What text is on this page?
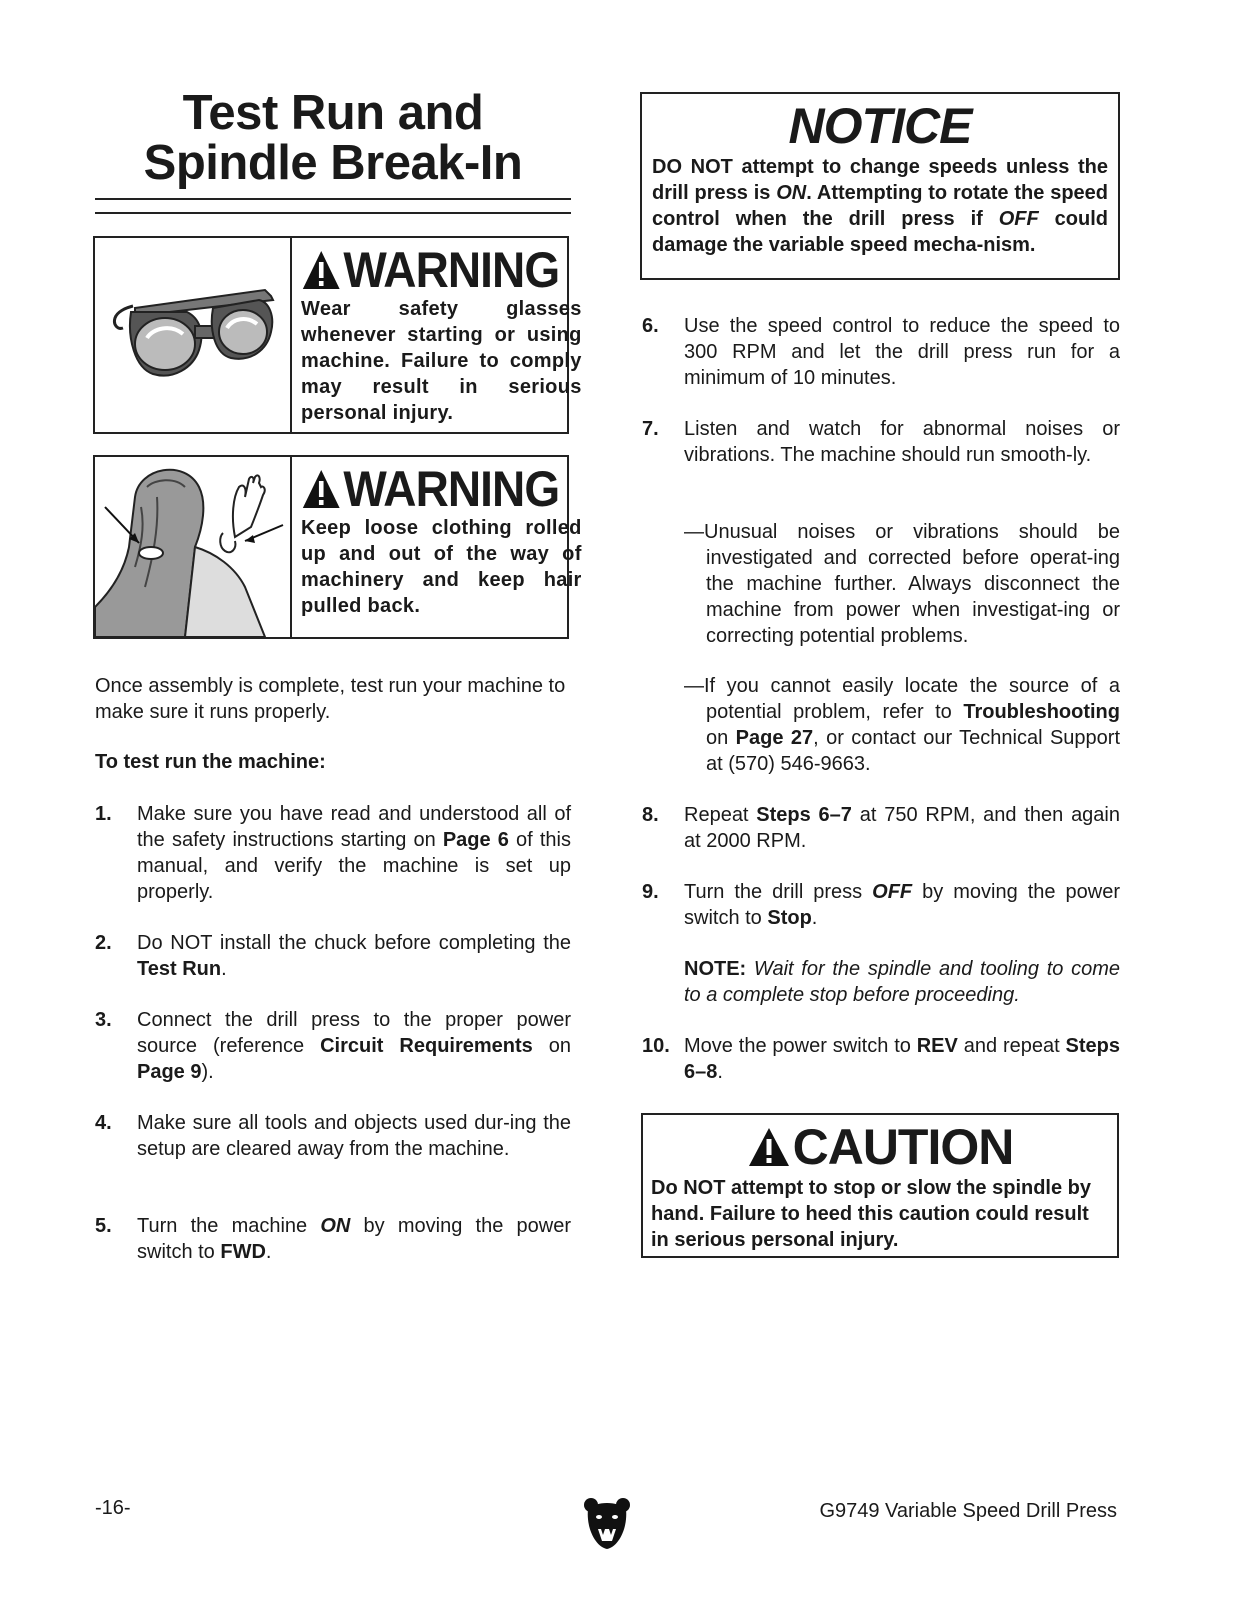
Test Run and
Spindle Break-In
WARNING
Wear safety glasses whenever starting or using machine. Failure to comply may result in serious personal injury.
WARNING
Keep loose clothing rolled up and out of the way of machinery and keep hair pulled back.
Once assembly is complete, test run your machine to make sure it runs properly.
To test run the machine:
1.	Make sure you have read and understood all of the safety instructions starting on Page 6 of this manual, and verify the machine is set up properly.
2.	Do NOT install the chuck before completing the Test Run.
3.	Connect the drill press to the proper power source (reference Circuit Requirements on Page 9).
4.	Make sure all tools and objects used dur-ing the setup are cleared away from the machine.
5.	Turn the machine ON by moving the power switch to FWD.
NOTICE
DO NOT attempt to change speeds unless the drill press is ON. Attempting to rotate the speed control when the drill press if OFF could damage the variable speed mecha-nism.
6.	Use the speed control to reduce the speed to 300 RPM and let the drill press run for a minimum of 10 minutes.
7.	Listen and watch for abnormal noises or vibrations. The machine should run smooth-ly.
—Unusual noises or vibrations should be investigated and corrected before operat-ing the machine further. Always disconnect the machine from power when investigat-ing or correcting potential problems.
—If you cannot easily locate the source of a potential problem, refer to Troubleshooting on Page 27, or contact our Technical Support at (570) 546-9663.
8.	Repeat Steps 6–7 at 750 RPM, and then again at 2000 RPM.
9.	Turn the drill press OFF by moving the power switch to Stop.
NOTE: Wait for the spindle and tooling to come to a complete stop before proceeding.
10. Move the power switch to REV and repeat Steps 6–8.
CAUTION
Do NOT attempt to stop or slow the spindle by hand. Failure to heed this caution could result in serious personal injury.
-16-	G9749 Variable Speed Drill Press
